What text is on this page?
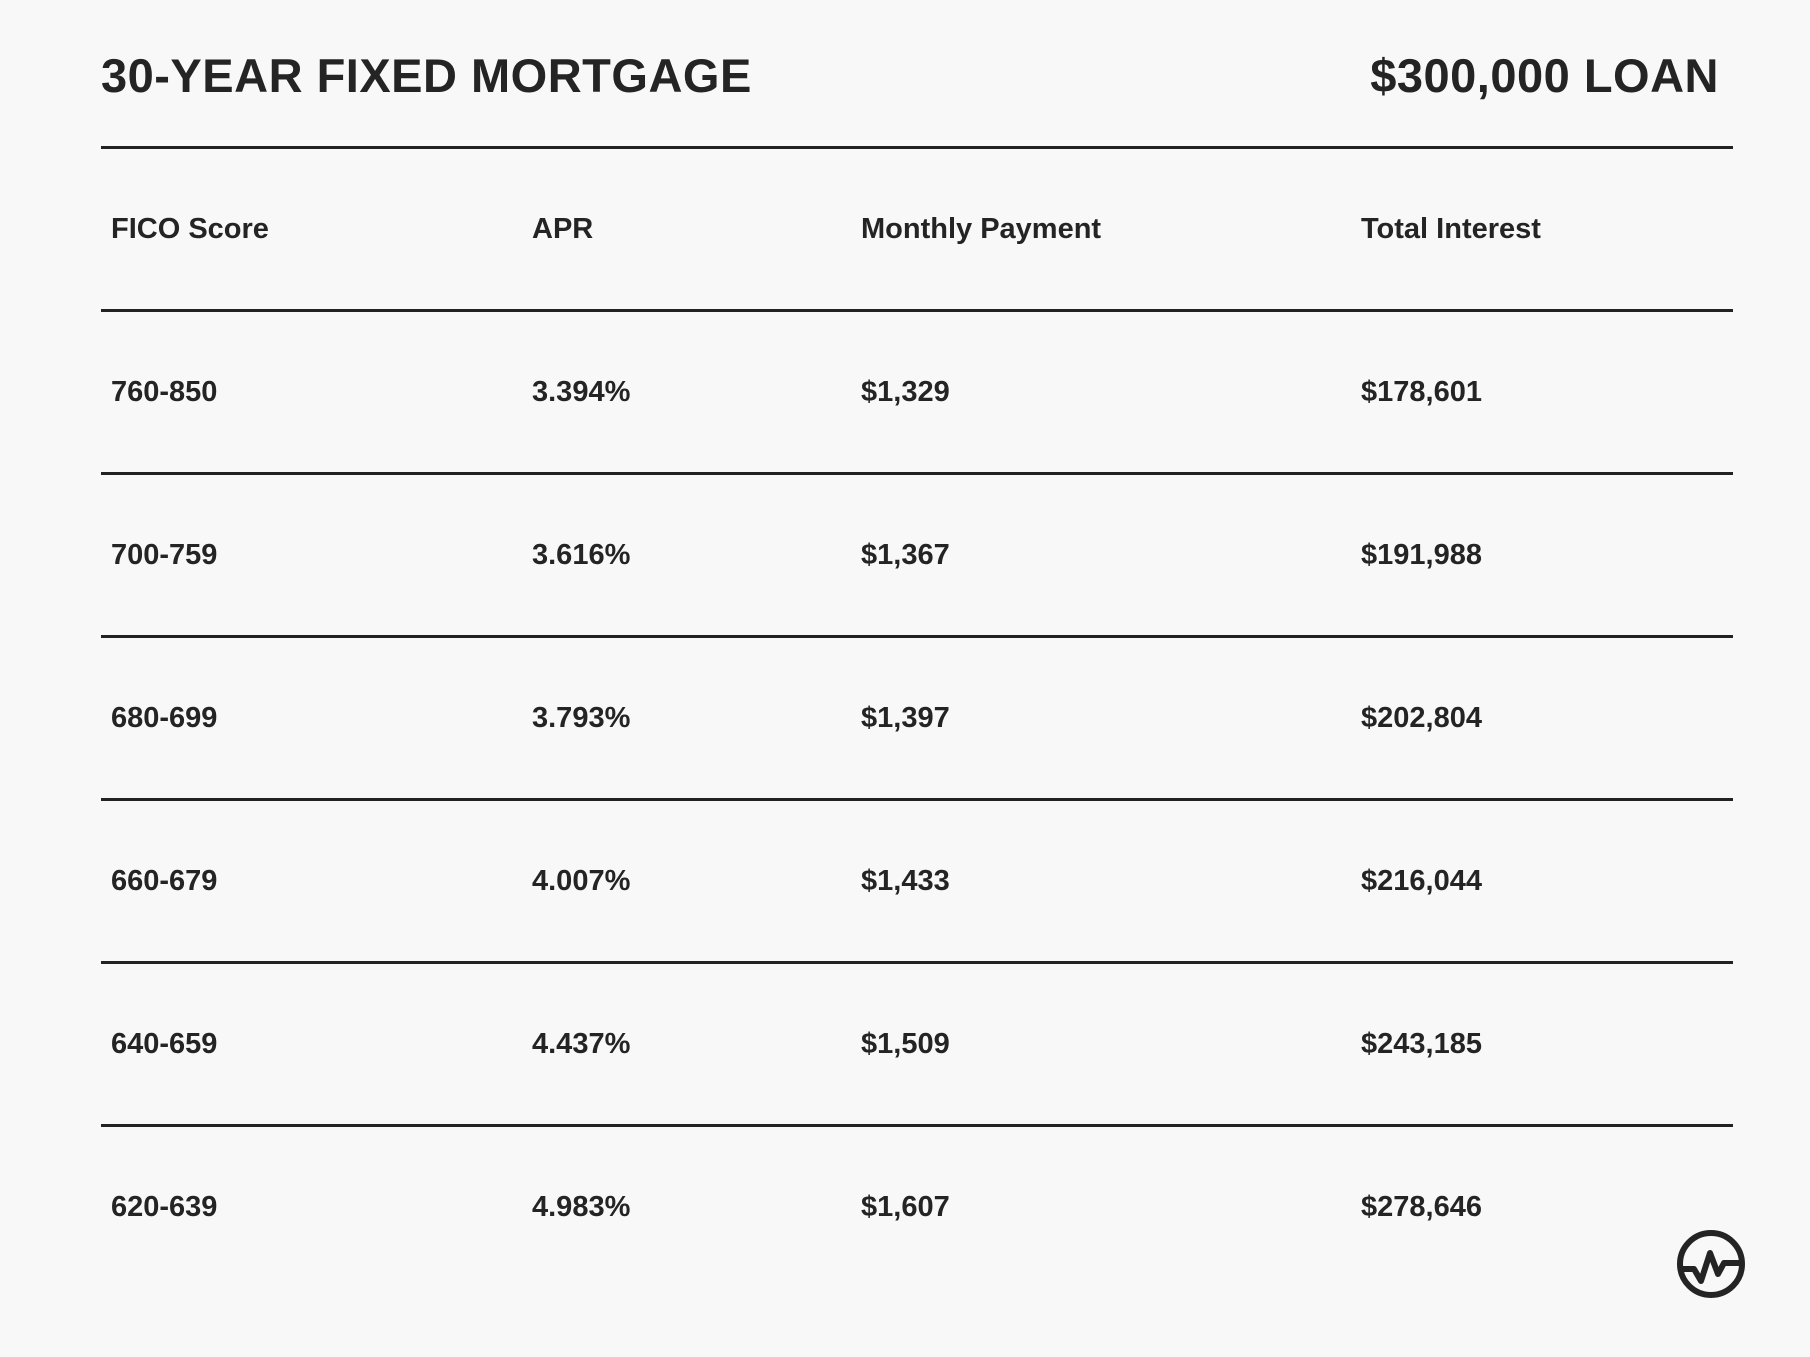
30-YEAR FIXED MORTGAGE	$300,000 LOAN
FICO Score	APR	Monthly Payment	Total Interest
760-850	3.394%	$1,329	$178,601
700-759	3.616%	$1,367	$191,988
680-699	3.793%	$1,397	$202,804
660-679	4.007%	$1,433	$216,044
640-659	4.437%	$1,509	$243,185
620-639	4.983%	$1,607	$278,646
